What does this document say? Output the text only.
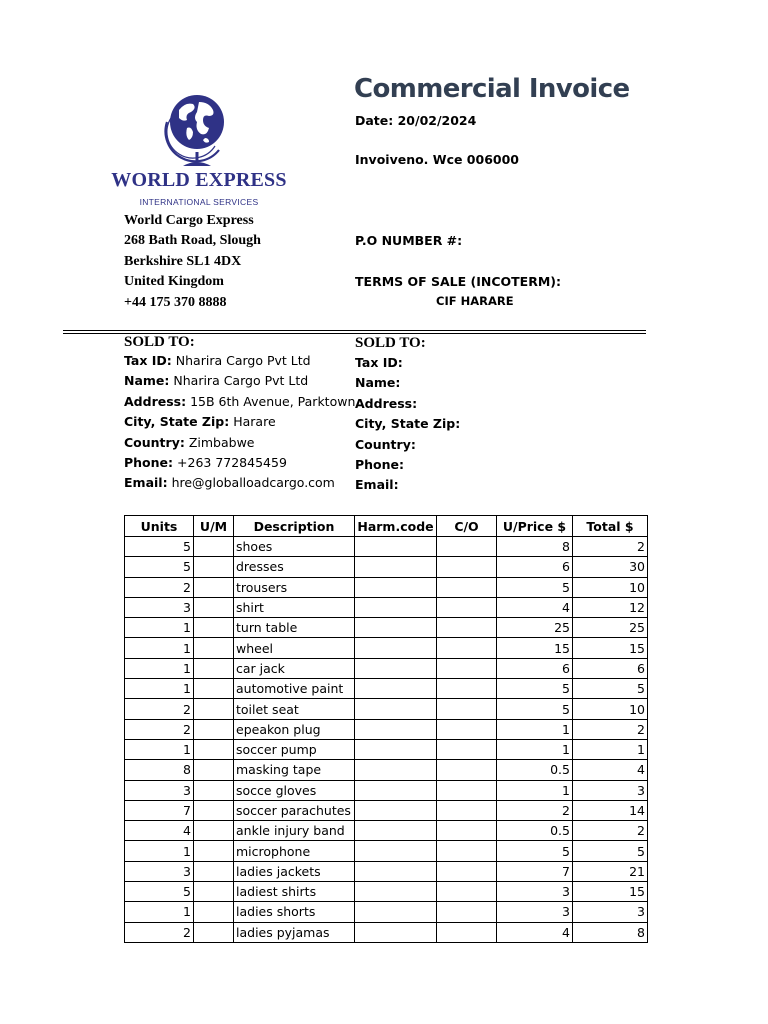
WORLD EXPRESS
INTERNATIONAL SERVICES
World Cargo Express
268 Bath Road, Slough
Berkshire SL1 4DX
United Kingdom
+44 175 370 8888
Commercial Invoice
Date: 20/02/2024
Invoiveno. Wce 006000
P.O NUMBER #:
TERMS OF SALE (INCOTERM):
CIF HARARE
SOLD TO:
Tax ID: Nharira Cargo Pvt Ltd
Name: Nharira Cargo Pvt Ltd
Address: 15B 6th Avenue, Parktown
City, State Zip: Harare
Country: Zimbabwe
Phone: +263 772845459
Email: hre@globalloadcargo.com
SOLD TO:
Tax ID:
Name:
Address:
City, State Zip:
Country:
Phone:
Email:
Units	U/M	Description	Harm.code	C/O	U/Price $	Total $
5		shoes			8	2
5		dresses			6	30
2		trousers			5	10
3		shirt			4	12
1		turn table			25	25
1		wheel			15	15
1		car jack			6	6
1		automotive paint			5	5
2		toilet seat			5	10
2		epeakon plug			1	2
1		soccer pump			1	1
8		masking tape			0.5	4
3		socce gloves			1	3
7		soccer parachutes			2	14
4		ankle injury band			0.5	2
1		microphone			5	5
3		ladies jackets			7	21
5		ladiest shirts			3	15
1		ladies shorts			3	3
2		ladies pyjamas			4	8
